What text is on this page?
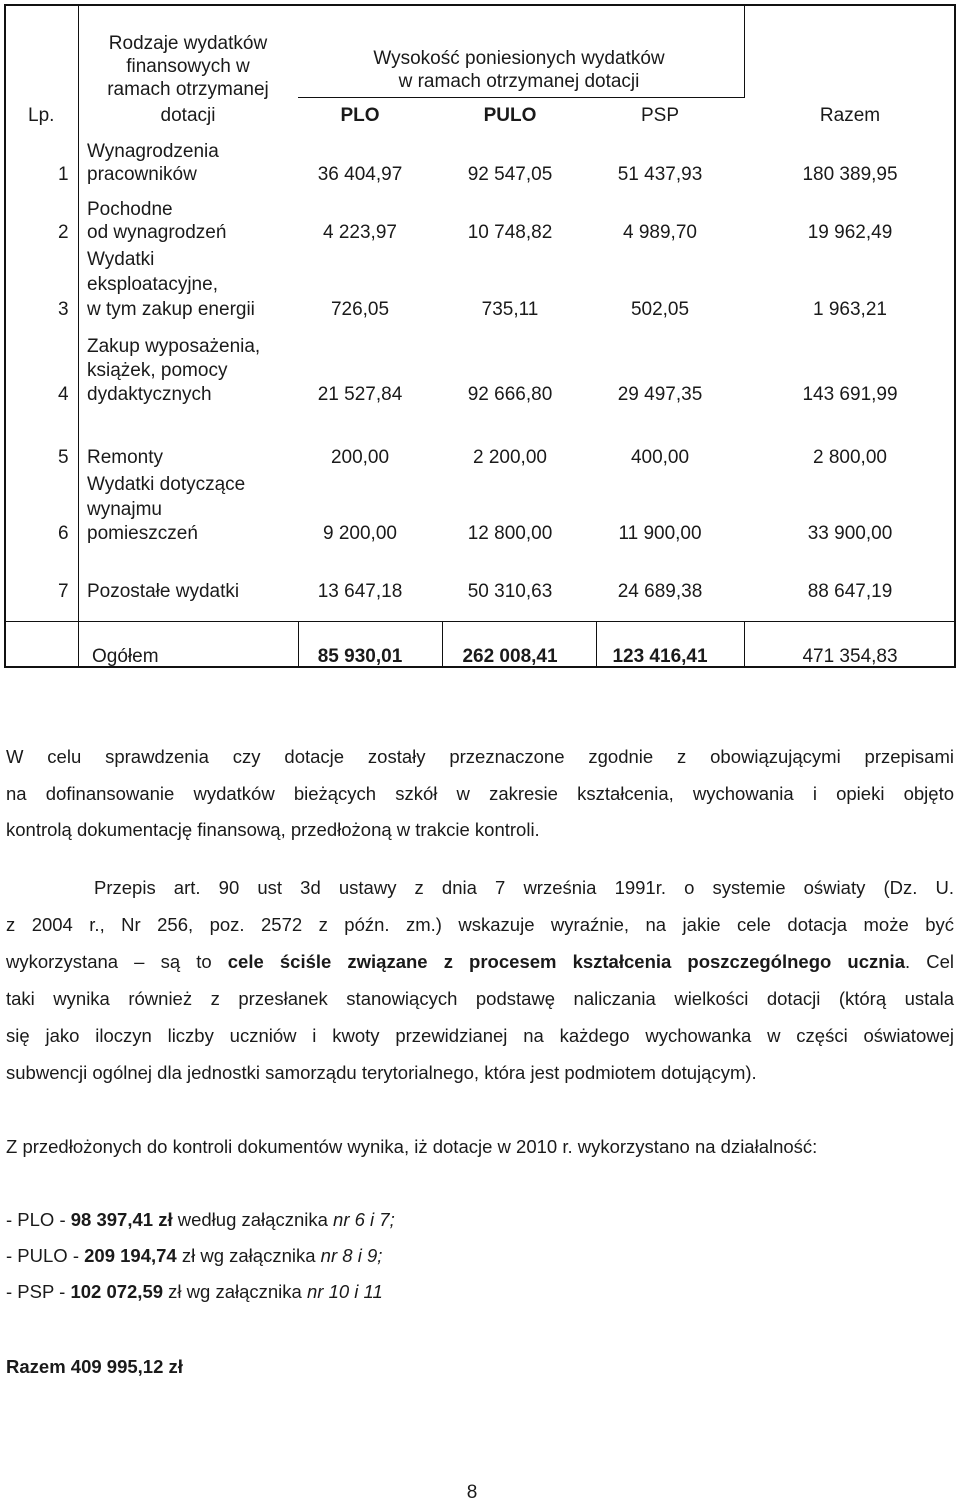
Lp.
Rodzaje wydatków
finansowych w
ramach otrzymanej
dotacji
Wysokość poniesionych wydatków
w ramach otrzymanej dotacji
PLO	PULO	PSP	Razem
1
Wynagrodzenia
pracowników	36 404,97	92 547,05	51 437,93	180 389,95
2
Pochodne
od wynagrodzeń	4 223,97	10 748,82	4 989,70	19 962,49
3
Wydatki
eksploatacyjne,
w tym zakup energii	726,05	735,11	502,05	1 963,21
4
Zakup wyposażenia,
książek, pomocy
dydaktycznych	21 527,84	92 666,80	29 497,35	143 691,99
5 Remonty	200,00	2 200,00	400,00	2 800,00
6
Wydatki dotyczące
wynajmu
pomieszczeń	9 200,00	12 800,00	11 900,00	33 900,00
7 Pozostałe wydatki	13 647,18	50 310,63	24 689,38	88 647,19
Ogółem	85 930,01	262 008,41	123 416,41	471 354,83
W celu sprawdzenia czy dotacje zostały przeznaczone zgodnie z obowiązującymi przepisami
na dofinansowanie wydatków bieżących szkół w zakresie kształcenia, wychowania i opieki objęto
kontrolą dokumentację finansową, przedłożoną w trakcie kontroli.
Przepis art. 90 ust 3d ustawy z dnia 7 września 1991r. o systemie oświaty (Dz. U.
z 2004 r., Nr 256, poz. 2572 z późn. zm.) wskazuje wyraźnie, na jakie cele dotacja może być
wykorzystana – są to cele ściśle związane z procesem kształcenia poszczególnego ucznia. Cel
taki wynika również z przesłanek stanowiących podstawę naliczania wielkości dotacji (którą ustala
się jako iloczyn liczby uczniów i kwoty przewidzianej na każdego wychowanka w części oświatowej
subwencji ogólnej dla jednostki samorządu terytorialnego, która jest podmiotem dotującym).
Z przedłożonych do kontroli dokumentów wynika, iż dotacje w 2010 r. wykorzystano na działalność:
- PLO - 98 397,41 zł według załącznika nr 6 i 7;
- PULO - 209 194,74 zł wg załącznika nr 8 i 9;
- PSP - 102 072,59 zł wg załącznika nr 10 i 11
Razem 409 995,12 zł
8
